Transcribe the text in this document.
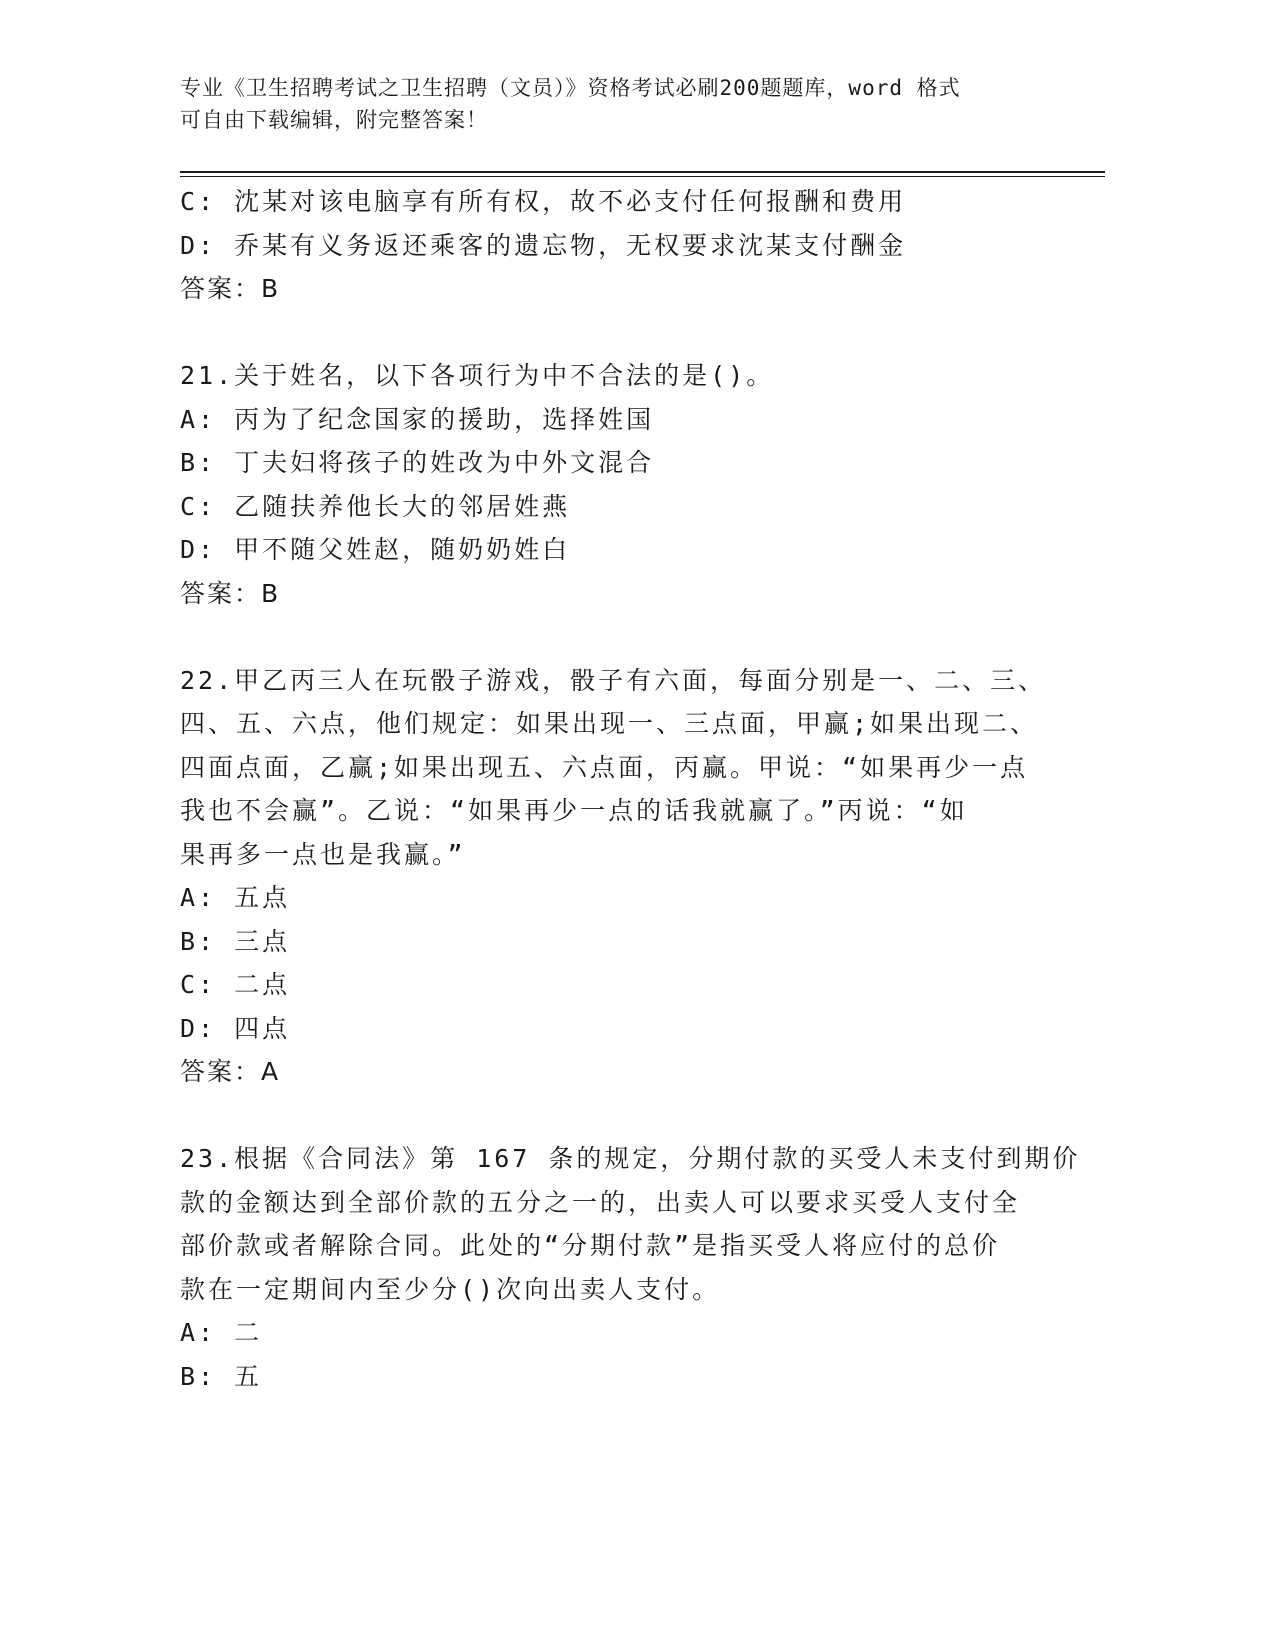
专业《卫生招聘考试之卫生招聘（文员）》资格考试必刷200题题库，word 格式
可自由下载编辑，附完整答案！
C: 沈某对该电脑享有所有权，故不必支付任何报酬和费用
D: 乔某有义务返还乘客的遗忘物，无权要求沈某支付酬金
答案：B
21.关于姓名，以下各项行为中不合法的是()。
A: 丙为了纪念国家的援助，选择姓国
B: 丁夫妇将孩子的姓改为中外文混合
C: 乙随扶养他长大的邻居姓燕
D: 甲不随父姓赵，随奶奶姓白
答案：B
22.甲乙丙三人在玩骰子游戏，骰子有六面，每面分别是一、二、三、
四、五、六点，他们规定：如果出现一、三点面，甲赢;如果出现二、
四面点面，乙赢;如果出现五、六点面，丙赢。甲说：“如果再少一点
我也不会赢”。乙说：“如果再少一点的话我就赢了。”丙说：“如
果再多一点也是我赢。”
A: 五点
B: 三点
C: 二点
D: 四点
答案：A
23.根据《合同法》第 167 条的规定，分期付款的买受人未支付到期价
款的金额达到全部价款的五分之一的，出卖人可以要求买受人支付全
部价款或者解除合同。此处的“分期付款”是指买受人将应付的总价
款在一定期间内至少分()次向出卖人支付。
A: 二
B: 五
